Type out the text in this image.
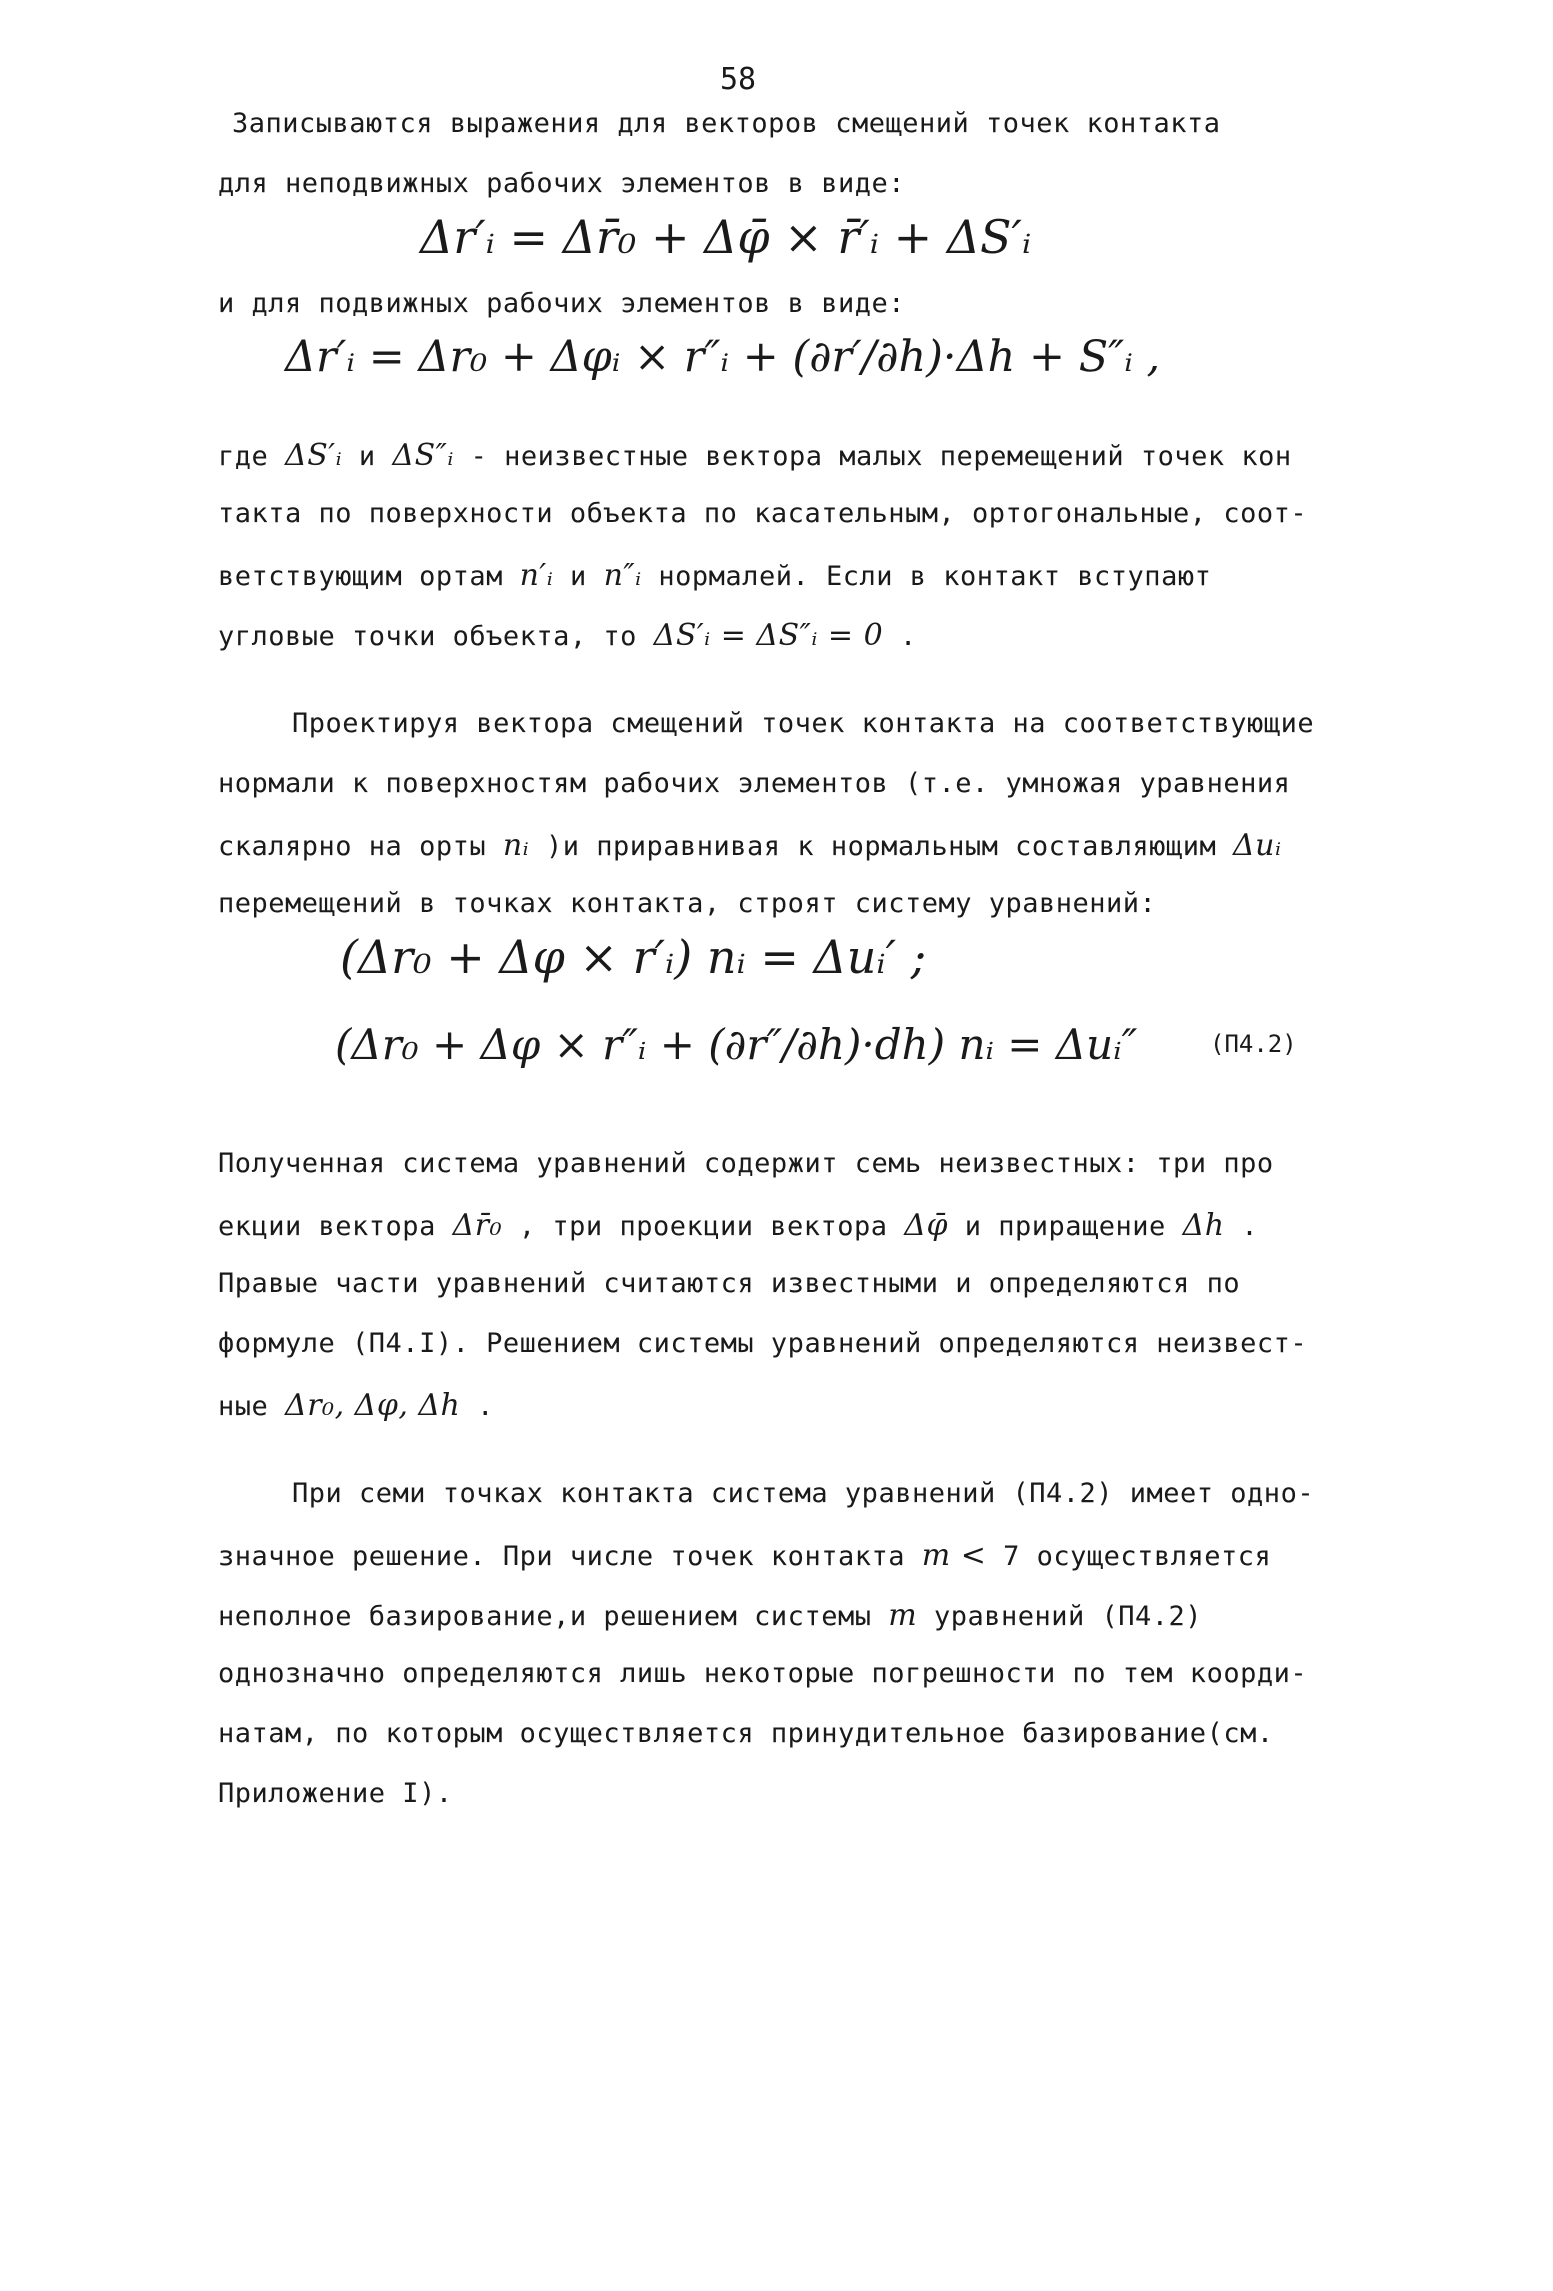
58
Записываются выражения для векторов смещений точек контакта
для неподвижных рабочих элементов в виде:
Δr′ᵢ = Δr̄₀ + Δφ̄ × r̄′ᵢ + ΔS′ᵢ
и для подвижных рабочих элементов в виде:
Δr′ᵢ = Δr₀ + Δφᵢ × r″ᵢ + (∂r′/∂h)·Δh + S″ᵢ ,
где ΔS′ᵢ и ΔS″ᵢ - неизвестные вектора малых перемещений точек кон
такта по поверхности объекта по касательным, ортогональные, соот-
ветствующим ортам n′ᵢ и n″ᵢ нормалей. Если в контакт вступают
угловые точки объекта, то ΔS′ᵢ = ΔS″ᵢ = 0 .
Проектируя вектора смещений точек контакта на соответствующие
нормали к поверхностям рабочих элементов (т.е. умножая уравнения
скалярно на орты nᵢ )и приравнивая к нормальным составляющим Δuᵢ
перемещений в точках контакта, строят систему уравнений:
(Δr₀ + Δφ × r′ᵢ) nᵢ = Δuᵢ′ ;
(Δr₀ + Δφ × r″ᵢ + (∂r″/∂h)·dh) nᵢ = Δuᵢ″	(П4.2)
Полученная система уравнений содержит семь неизвестных: три про
екции вектора Δr̄₀ , три проекции вектора Δφ̄ и приращение Δh .
Правые части уравнений считаются известными и определяются по
формуле (П4.I). Решением системы уравнений определяются неизвест-
ные Δr₀, Δφ, Δh .
При семи точках контакта система уравнений (П4.2) имеет одно-
значное решение. При числе точек контакта m < 7 осуществляется
неполное базирование,и решением системы m уравнений (П4.2)
однозначно определяются лишь некоторые погрешности по тем коорди-
натам, по которым осуществляется принудительное базирование(см.
Приложение I).
